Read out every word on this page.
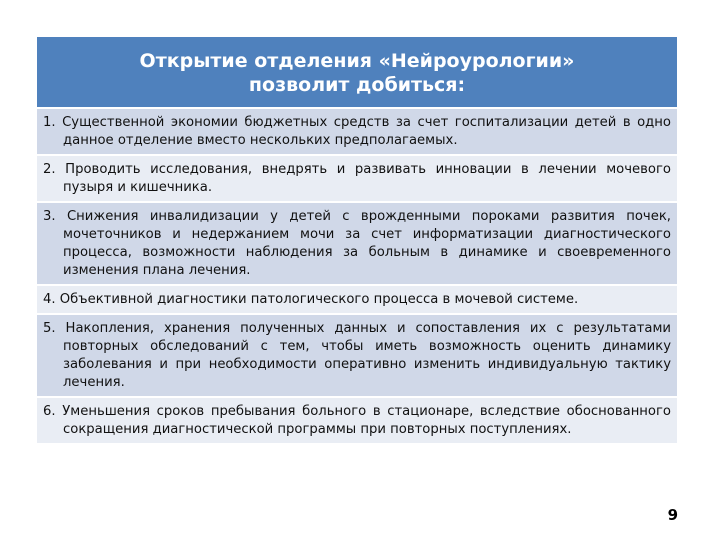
Открытие отделения «Нейроурологии»
позволит добиться:

1. Существенной экономии бюджетных средств за счет госпитализации детей в одно данное отделение вместо нескольких предполагаемых.

2. Проводить исследования, внедрять и развивать инновации в лечении мочевого пузыря и кишечника.

3. Снижения инвалидизации у детей с врожденными пороками развития почек, мочеточников и недержанием мочи за счет информатизации диагностического процесса, возможности наблюдения за больным в динамике и своевременного изменения плана лечения.

4. Объективной диагностики патологического процесса в мочевой системе.

5. Накопления, хранения полученных данных и сопоставления их с результатами повторных обследований с тем, чтобы иметь возможность оценить динамику заболевания и при необходимости оперативно изменить индивидуальную тактику лечения.

6. Уменьшения сроков пребывания больного в стационаре, вследствие обоснованного сокращения диагностической программы при повторных поступлениях.
9
